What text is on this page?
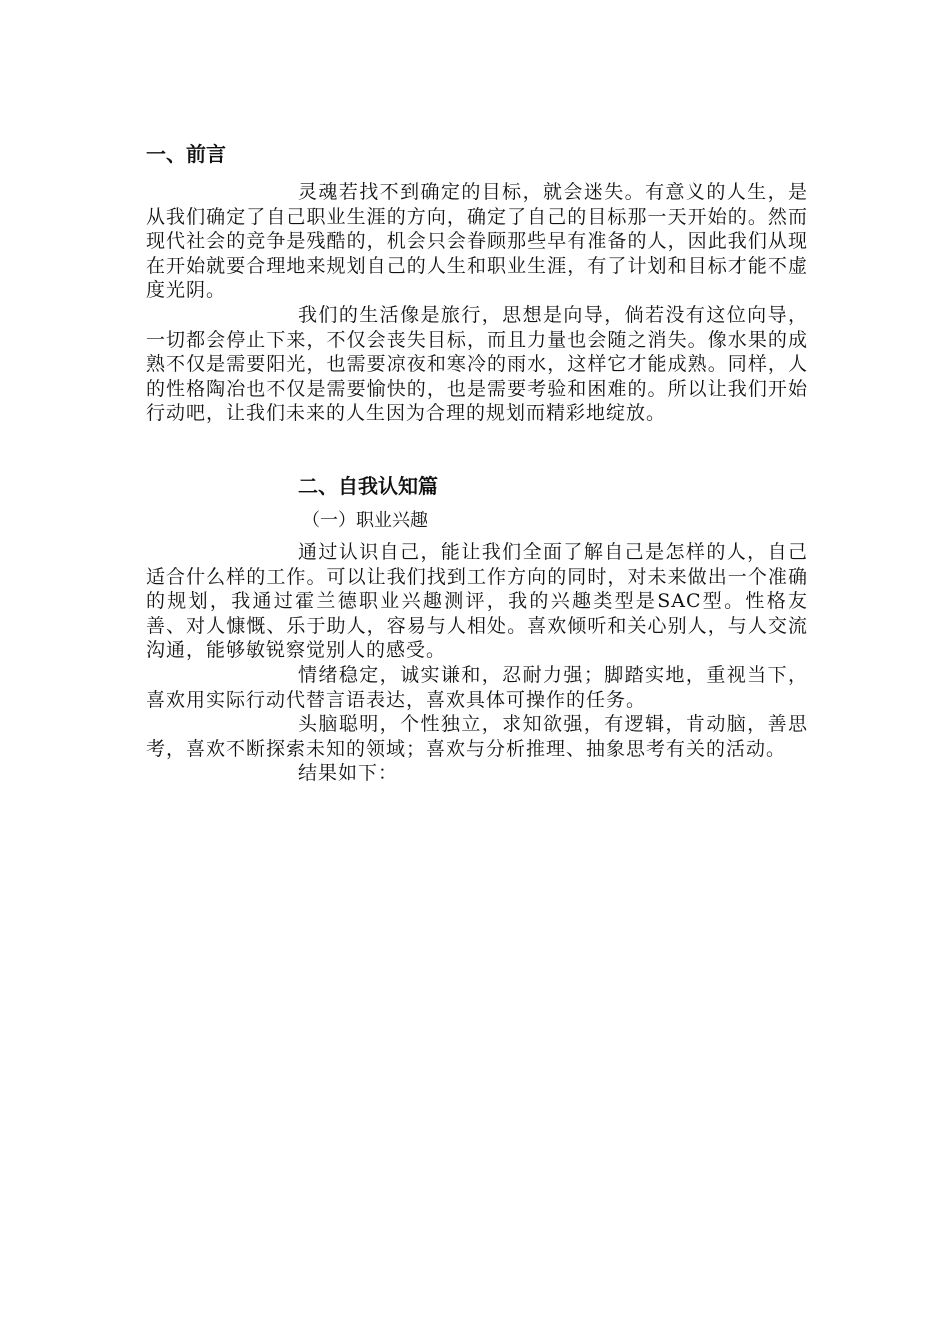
一、前言

灵魂若找不到确定的目标，就会迷失。有意义的人生，是从我们确定了自己职业生涯的方向，确定了自己的目标那一天开始的。然而现代社会的竞争是残酷的，机会只会眷顾那些早有准备的人，因此我们从现在开始就要合理地来规划自己的人生和职业生涯，有了计划和目标才能不虚度光阴。

我们的生活像是旅行，思想是向导，倘若没有这位向导，一切都会停止下来，不仅会丧失目标，而且力量也会随之消失。像水果的成熟不仅是需要阳光，也需要凉夜和寒冷的雨水，这样它才能成熟。同样，人的性格陶冶也不仅是需要愉快的，也是需要考验和困难的。所以让我们开始行动吧，让我们未来的人生因为合理的规划而精彩地绽放。

二、自我认知篇
（一）职业兴趣

通过认识自己，能让我们全面了解自己是怎样的人，自己适合什么样的工作。可以让我们找到工作方向的同时，对未来做出一个准确的规划，我通过霍兰德职业兴趣测评，我的兴趣类型是SAC型。性格友善、对人慷慨、乐于助人，容易与人相处。喜欢倾听和关心别人，与人交流沟通，能够敏锐察觉别人的感受。

情绪稳定，诚实谦和，忍耐力强；脚踏实地，重视当下，喜欢用实际行动代替言语表达，喜欢具体可操作的任务。

头脑聪明，个性独立，求知欲强，有逻辑，肯动脑，善思考，喜欢不断探索未知的领域；喜欢与分析推理、抽象思考有关的活动。

结果如下：
